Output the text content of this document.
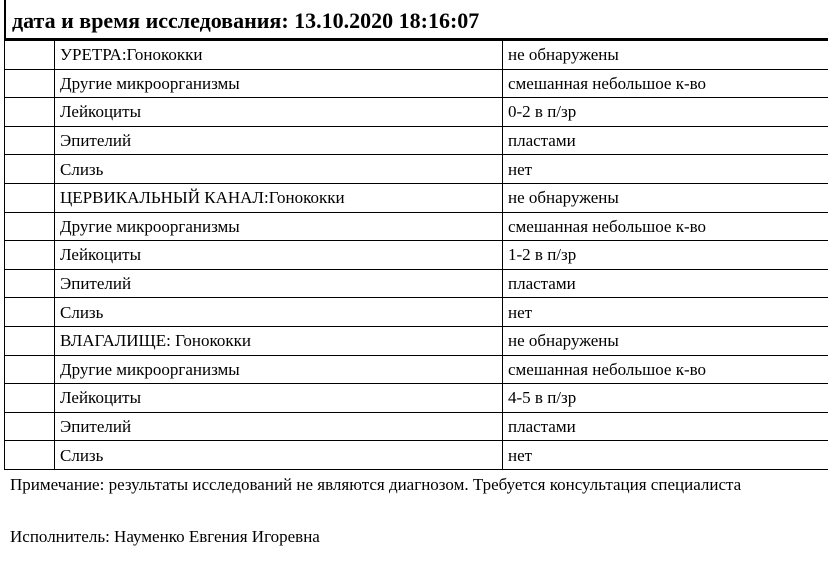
дата и время исследования: 13.10.2020 18:16:07
	УРЕТРА:Гонококки	не обнаружены
	Другие микроорганизмы	смешанная небольшое к-во
	Лейкоциты	0-2 в п/зр
	Эпителий	пластами
	Слизь	нет
	ЦЕРВИКАЛЬНЫЙ КАНАЛ:Гонококки	не обнаружены
	Другие микроорганизмы	смешанная небольшое к-во
	Лейкоциты	1-2 в п/зр
	Эпителий	пластами
	Слизь	нет
	ВЛАГАЛИЩЕ: Гонококки	не обнаружены
	Другие микроорганизмы	смешанная небольшое к-во
	Лейкоциты	4-5 в п/зр
	Эпителий	пластами
	Слизь	нет
Примечание: результаты исследований не являются диагнозом. Требуется консультация специалиста
Исполнитель: Науменко Евгения Игоревна
